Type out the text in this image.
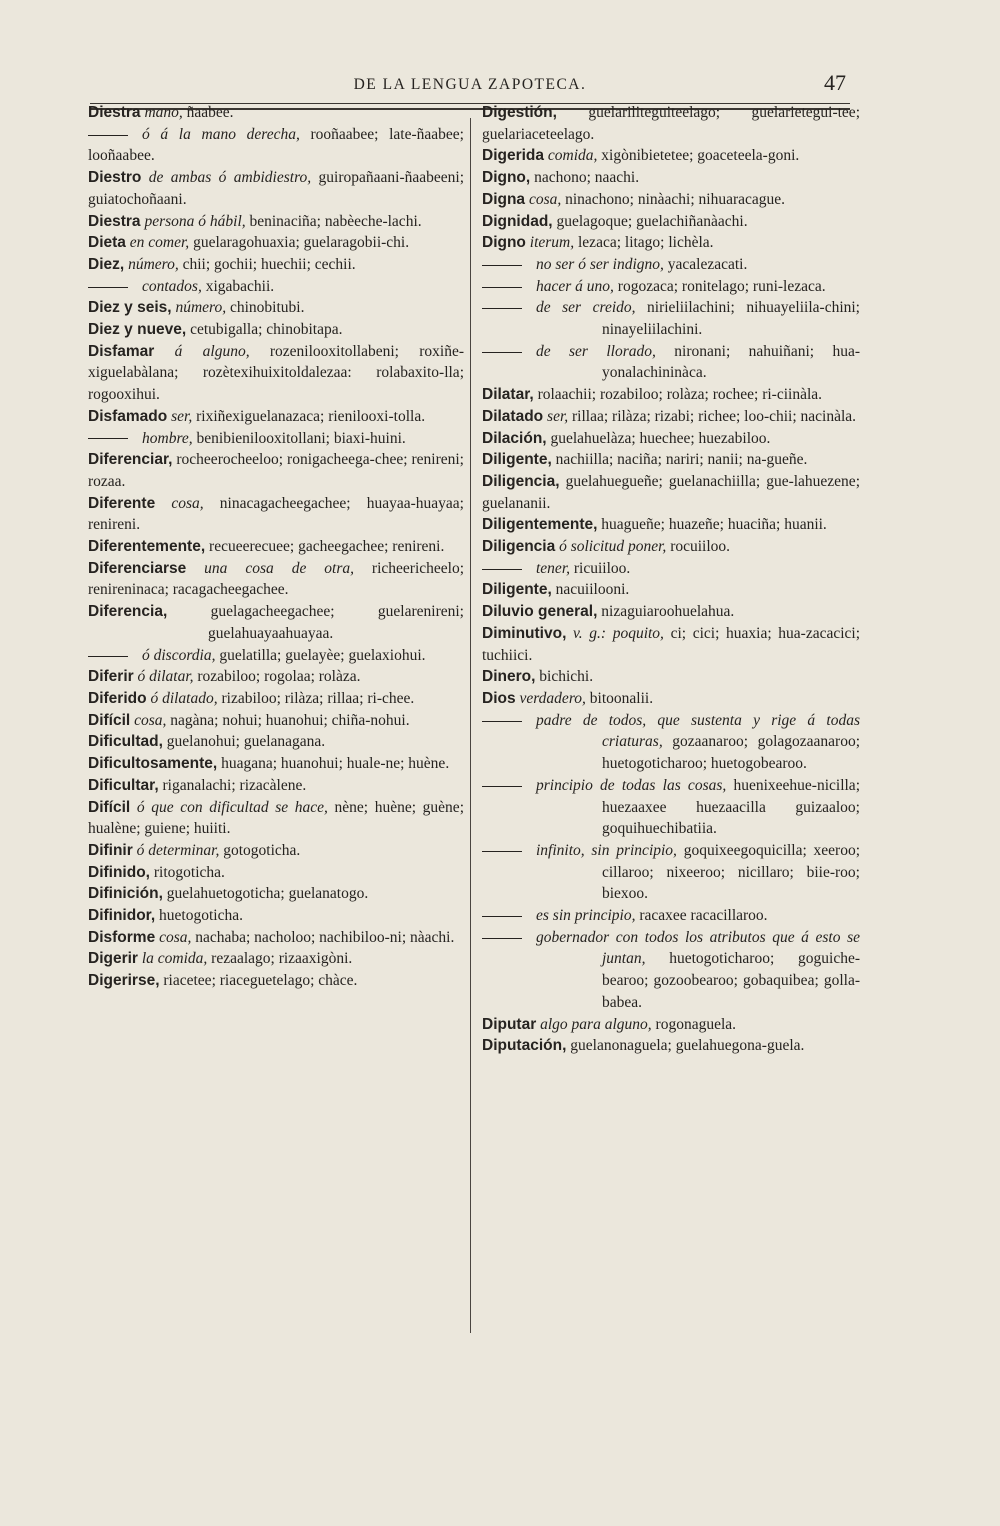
DE LA LENGUA ZAPOTECA.	47

Diestra mano, ñaabee.

ó á la mano derecha, rooñaabee; late-ñaabee; looñaabee.

Diestro de ambas ó ambidiestro, guiropañaani-ñaabeeni; guiatochoñaani.

Diestra persona ó hábil, beninaciña; nabèeche-lachi.

Dieta en comer, guelaragohuaxia; guelaragobii-chi.

Diez, número, chii; gochii; huechii; cechii.

contados, xigabachii.

Diez y seis, número, chinobitubi.

Diez y nueve, cetubigalla; chinobitapa.

Disfamar á alguno, rozenilooxitollabeni; roxiñe-xiguelabàlana; rozètexihuixitoldalezaa: rolabaxito-lla; rogooxihui.

Disfamado ser, rixiñexiguelanazaca; rienilooxi-tolla.

hombre, benibienilooxitollani; biaxi-huini.

Diferenciar, rocheerocheeloo; ronigacheega-chee; renireni; rozaa.

Diferente cosa, ninacagacheegachee; huayaa-huayaa; renireni.

Diferentemente, recueerecuee; gacheegachee; renireni.

Diferenciarse una cosa de otra, richeericheelo; renireninaca; racagacheegachee.

Diferencia,	guelagacheegachee; guelarenireni; guelahuayaahuayaa.

ó discordia, guelatilla; guelayèe; guelaxiohui.

Diferir ó dilatar, rozabiloo; rogolaa; rolàza.

Diferido ó dilatado, rizabiloo; rilàza; rillaa; ri-chee.

Difícil cosa, nagàna; nohui; huanohui; chiña-nohui.

Dificultad, guelanohui; guelanagana.

Dificultosamente, huagana; huanohui; huale-ne; huène.

Dificultar, riganalachi; rizacàlene.

Difícil ó que con dificultad se hace, nène; huène; guène; hualène; guiene; huiiti.

Difinir ó determinar, gotogoticha.

Difinido, ritogoticha.

Difinición, guelahuetogoticha; guelanatogo.

Difinidor, huetogoticha.

Disforme cosa, nachaba; nacholoo; nachibiloo-ni; nàachi.

Digerir la comida, rezaalago; rizaaxigòni.

Digerirse, riacetee; riaceguetelago; chàce.

Digestión, guelariliteguiteelago; guelarietegui-tee; guelariaceteelago.

Digerida comida, xigònibietetee; goaceteela-goni.

Digno, nachono; naachi.

Digna cosa, ninachono; ninàachi; nihuaracague.

Dignidad, guelagoque; guelachiñanàachi.

Digno iterum, lezaca; litago; lichèla.

no ser ó ser indigno, yacalezacati.

hacer á uno, rogozaca; ronitelago; runi-lezaca.

de ser creido, nirieliilachini; nihuayeliila-chini; ninayeliilachini.

de ser llorado, nironani; nahuiñani; hua-yonalachininàca.

Dilatar, rolaachii; rozabiloo; rolàza; rochee; ri-ciinàla.

Dilatado ser, rillaa; rilàza; rizabi; richee; loo-chii; nacinàla.

Dilación, guelahuelàza; huechee; huezabiloo.

Diligente, nachiilla; naciña; nariri; nanii; na-gueñe.

Diligencia, guelahuegueñe; guelanachiilla; gue-lahuezene; guelananii.

Diligentemente, huagueñe; huazeñe; huaciña; huanii.

Diligencia ó solicitud poner, rocuiiloo.

tener, ricuiiloo.

Diligente, nacuiilooni.

Diluvio general, nizaguiaroohuelahua.

Diminutivo, v. g.: poquito, ci; cici; huaxia; hua-zacacici; tuchiici.

Dinero, bichichi.

Dios verdadero, bitoonalii.

padre de todos, que sustenta y rige á todas criaturas, gozaanaroo; golagozaanaroo; huetogoticharoo; huetogobearoo.

principio de todas las cosas, huenixeehue-nicilla; huezaaxee huezaacilla guizaaloo; goquihuechibatiia.

infinito, sin principio, goquixeegoquicilla; xeeroo; cillaroo; nixeeroo; nicillaro; biie-roo; biexoo.

es sin principio, racaxee racacillaroo.

gobernador con todos los atributos que á esto se juntan, huetogoticharoo; goguiche-bearoo; gozoobearoo; gobaquibea; golla-babea.

Diputar algo para alguno, rogonaguela.

Diputación, guelanonaguela; guelahuegona-guela.
